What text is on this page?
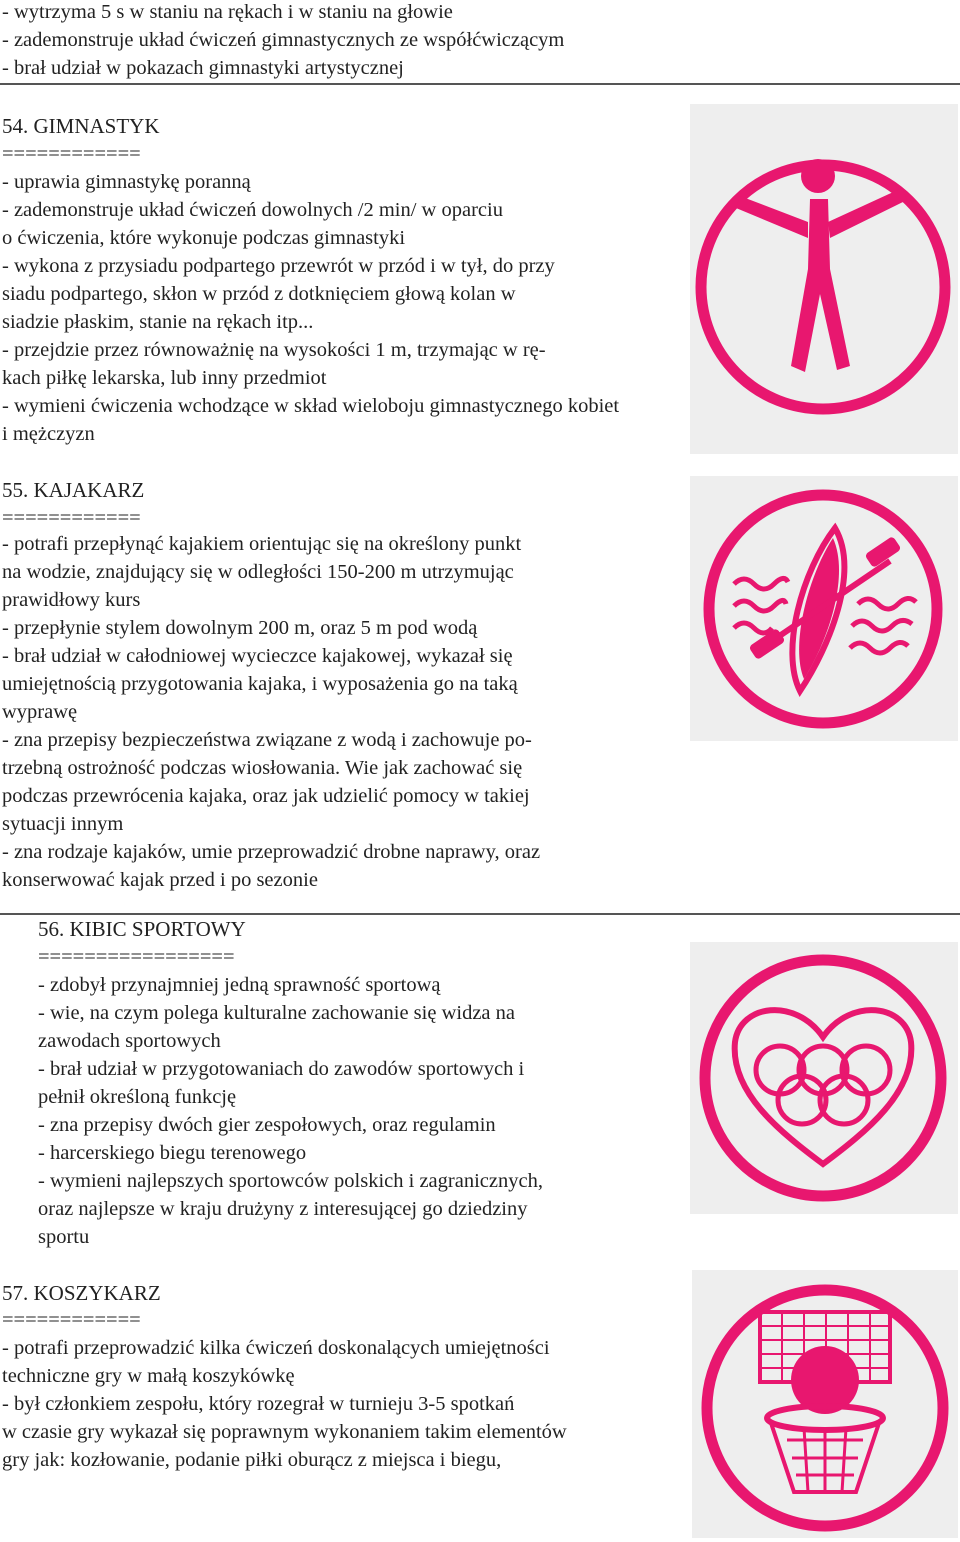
- wytrzyma 5 s w staniu na rękach i w staniu na głowie
- zademonstruje układ ćwiczeń gimnastycznych ze współćwiczącym
- brał udział w pokazach gimnastyki artystycznej
54. GIMNASTYK
============
- uprawia gimnastykę poranną
- zademonstruje układ ćwiczeń dowolnych /2 min/ w oparciu
o ćwiczenia, które wykonuje podczas gimnastyki
- wykona z przysiadu podpartego przewrót w przód i w tył, do przy
siadu podpartego, skłon w przód z dotknięciem głową kolan w
siadzie płaskim, stanie na rękach itp...
- przejdzie przez równoważnię na wysokości 1 m, trzymając w rę-
kach piłkę lekarska, lub inny przedmiot
- wymieni ćwiczenia wchodzące w skład wieloboju gimnastycznego kobiet
i mężczyzn
55. KAJAKARZ
============
- potrafi przepłynąć kajakiem orientując się na określony punkt
na wodzie, znajdujący się w odległości 150-200 m utrzymując
prawidłowy kurs
- przepłynie stylem dowolnym 200 m, oraz 5 m pod wodą
- brał udział w całodniowej wycieczce kajakowej, wykazał się
umiejętnością przygotowania kajaka, i wyposażenia go na taką
wyprawę
- zna przepisy bezpieczeństwa związane z wodą i zachowuje po-
trzebną ostrożność podczas wiosłowania. Wie jak zachować się
podczas przewrócenia kajaka, oraz jak udzielić pomocy w takiej
sytuacji innym
- zna rodzaje kajaków, umie przeprowadzić drobne naprawy, oraz
konserwować kajak przed i po sezonie
56. KIBIC SPORTOWY
=================
- zdobył przynajmniej jedną sprawność sportową
- wie, na czym polega kulturalne zachowanie się widza na
zawodach sportowych
- brał udział w przygotowaniach do zawodów sportowych i
pełnił określoną funkcję
- zna przepisy dwóch gier zespołowych, oraz regulamin
- harcerskiego biegu terenowego
- wymieni najlepszych sportowców polskich i zagranicznych,
oraz najlepsze w kraju drużyny z interesującej go dziedziny
sportu
57. KOSZYKARZ
============
- potrafi przeprowadzić kilka ćwiczeń doskonalących umiejętności
techniczne gry w małą koszykówkę
- był członkiem zespołu, który rozegrał w turnieju 3-5 spotkań
w czasie gry wykazał się poprawnym wykonaniem takim elementów
gry jak: kozłowanie, podanie piłki oburącz z miejsca i biegu,
